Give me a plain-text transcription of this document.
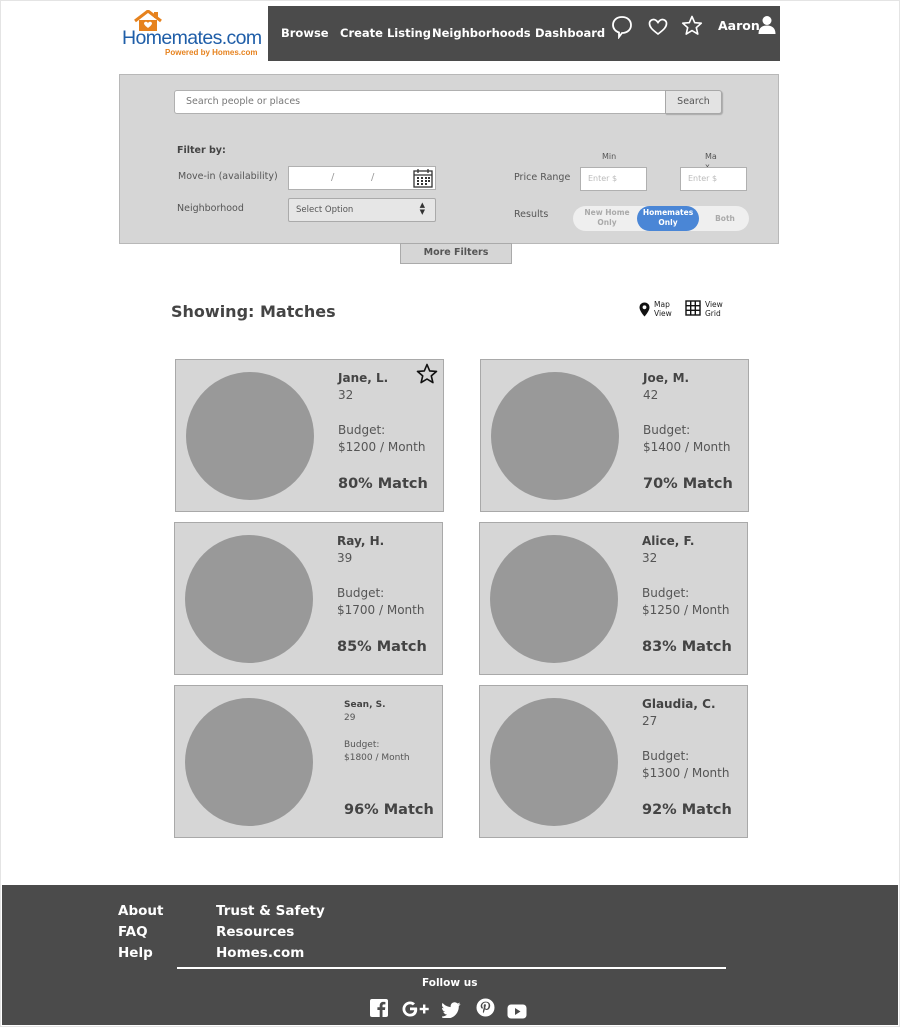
Homemates.com
Powered by Homes.com
Browse Create Listing Neighborhoods Dashboard	Aaron
Search people or places	Search
Filter by:
Move-in (availability)	/	/
Neighborhood	Select Option	▲
▼
Price Range
Min	Ma
Enter $	Enter $
Results	New Home Only
Homemates Only	Both
More Filters
Showing: Matches	Map View
View Grid
Jane, L.
32
Budget:
$1200 / Month
80% Match
Joe, M.
42
Budget:
$1400 / Month
70% Match
Ray, H.
39
Budget:
$1700 / Month
85% Match
Alice, F.
32
Budget:
$1250 / Month
83% Match
Sean, S.
29
Budget:
$1800 / Month
96% Match
Glaudia, C.
27
Budget:
$1300 / Month
92% Match
About
FAQ
Help
Trust & Safety
Resources
Homes.com
Follow us
